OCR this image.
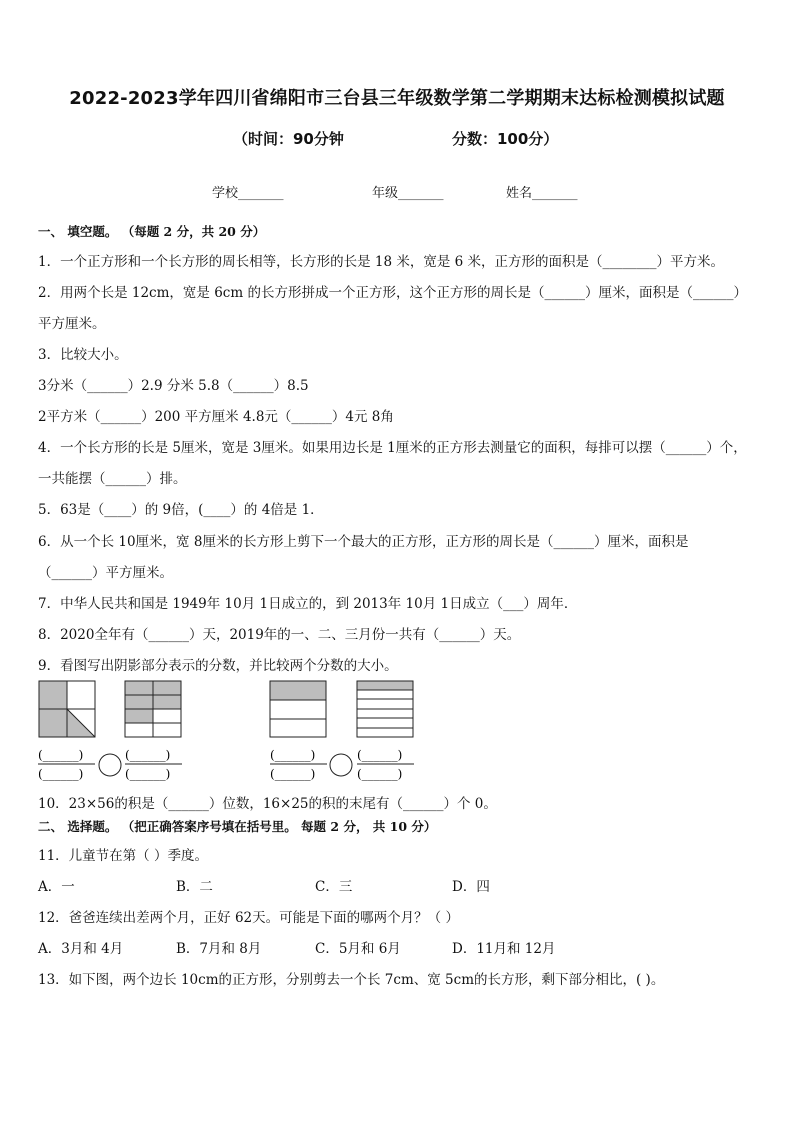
2022-2023学年四川省绵阳市三台县三年级数学第二学期期末达标检测模拟试题
（时间：90分钟	分数：100分）
学校_______	年级_______	姓名_______
一、 填空题。 （每题 2 分，共 20 分）
1．一个正方形和一个长方形的周长相等，长方形的长是 18 米，宽是 6 米，正方形的面积是（________）平方米。
2．用两个长是 12cm，宽是 6cm 的长方形拼成一个正方形，这个正方形的周长是（______）厘米，面积是（______）
平方厘米。
3．比较大小。
3分米（______）2.9 分米 5.8（______）8.5
2平方米（______）200 平方厘米 4.8元（______）4元 8角
4．一个长方形的长是 5厘米，宽是 3厘米。如果用边长是 1厘米的正方形去测量它的面积，每排可以摆（______）个，
一共能摆（______）排。
5．63是（____）的 9倍，(____）的 4倍是 1．
6．从一个长 10厘米，宽 8厘米的长方形上剪下一个最大的正方形，正方形的周长是（______）厘米，面积是
（______）平方厘米。
7．中华人民共和国是 1949年 10月 1日成立的，到 2013年 10月 1日成立（___）周年．
8．2020全年有（______）天，2019年的一、二、三月份一共有（______）天。
9．看图写出阴影部分表示的分数，并比较两个分数的大小。
(______)
(______)
(______)
(______)
(______)
(______)
(______)
(______)
10．23×56的积是（______）位数，16×25的积的末尾有（______）个 0。
二、 选择题。 （把正确答案序号填在括号里。 每题 2 分， 共 10 分）
11．儿童节在第（ ）季度。
A．一	B．二	C．三	D．四
12．爸爸连续出差两个月，正好 62天。可能是下面的哪两个月？（ ）
A．3月和 4月	B．7月和 8月	C．5月和 6月	D．11月和 12月
13．如下图，两个边长 10cm的正方形，分别剪去一个长 7cm、宽 5cm的长方形，剩下部分相比，( )。
